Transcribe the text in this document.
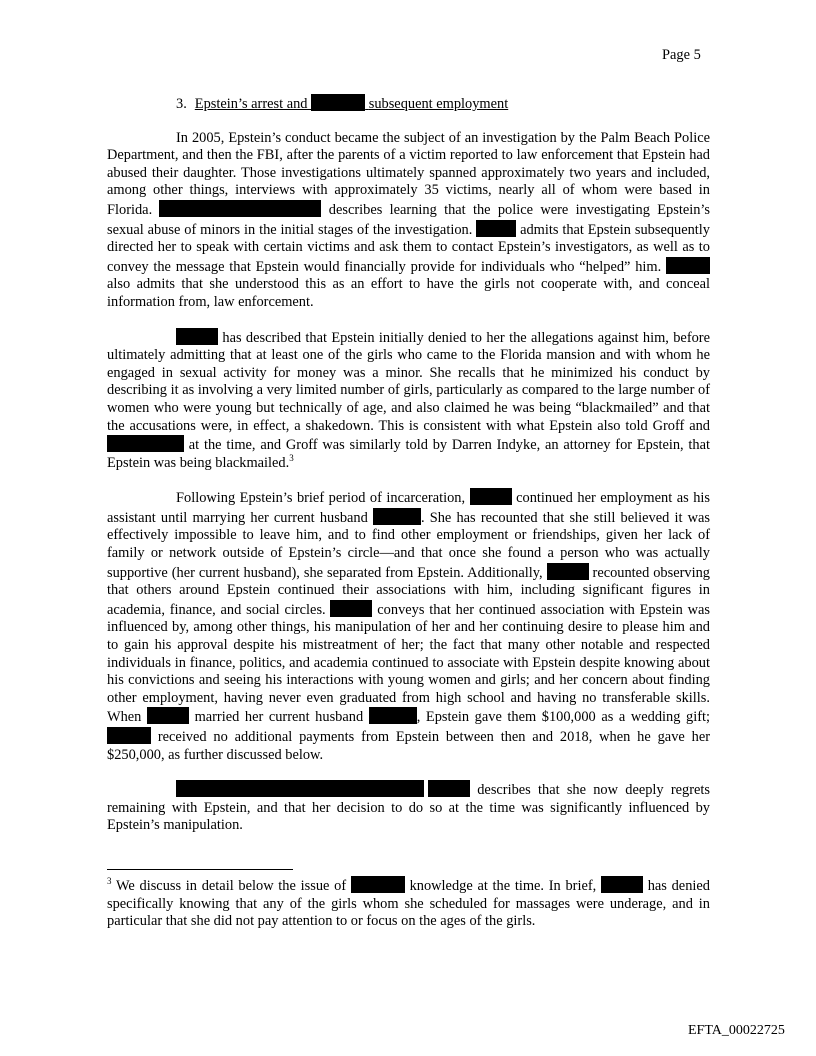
Page 5
3. Epstein’s arrest and	subsequent employment

In 2005, Epstein’s conduct became the subject of an investigation by the Palm Beach Police Department, and then the FBI, after the parents of a victim reported to law enforcement that Epstein had abused their daughter. Those investigations ultimately spanned approximately two years and included, among other things, interviews with approximately 35 victims, nearly all of whom were based in Florida.	describes learning that the police were investigating Epstein’s sexual abuse of minors in the initial stages of the investigation.	admits that Epstein subsequently directed her to speak with certain victims and ask them to contact Epstein’s investigators, as well as to convey the message that Epstein would financially provide for individuals who “helped” him.  also admits that she understood this as an effort to have the girls not cooperate with, and conceal information from, law enforcement.

has described that Epstein initially denied to her the allegations against him, before ultimately admitting that at least one of the girls who came to the Florida mansion and with whom he engaged in sexual activity for money was a minor. She recalls that he minimized his conduct by describing it as involving a very limited number of girls, particularly as compared to the large number of women who were young but technically of age, and also claimed he was being “blackmailed” and that the accusations were, in effect, a shakedown. This is consistent with what Epstein also told Groff and  at the time, and Groff was similarly told by Darren Indyke, an attorney for Epstein, that Epstein was being blackmailed.$^3$

Following Epstein’s brief period of incarceration,	continued her employment as his assistant until marrying her current husband	. She has recounted that she still believed it was effectively impossible to leave him, and to find other employment or friendships, given her lack of family or network outside of Epstein’s circle—and that once she found a person who was actually supportive (her current husband), she separated from Epstein. Additionally,	recounted observing that others around Epstein continued their associations with him, including significant figures in academia, finance, and social circles.	conveys that her continued association with Epstein was influenced by, among other things, his manipulation of her and her continuing desire to please him and to gain his approval despite his mistreatment of her; the fact that many other notable and respected individuals in finance, politics, and academia continued to associate with Epstein despite knowing about his convictions and seeing his interactions with young women and girls; and her concern about finding other employment, having never even graduated from high school and having no transferable skills. When	married her current husband	, Epstein gave them $100,000 as a wedding gift;  received no additional payments from Epstein between then and 2018, when he gave her $250,000, as further discussed below.

describes that she now deeply regrets remaining with Epstein, and that her decision to do so at the time was significantly influenced by Epstein’s manipulation.

$^3$ We discuss in detail below the issue of	knowledge at the time. In brief,	has denied specifically knowing that any of the girls whom she scheduled for massages were underage, and in particular that she did not pay attention to or focus on the ages of the girls.

EFTA_00022725
